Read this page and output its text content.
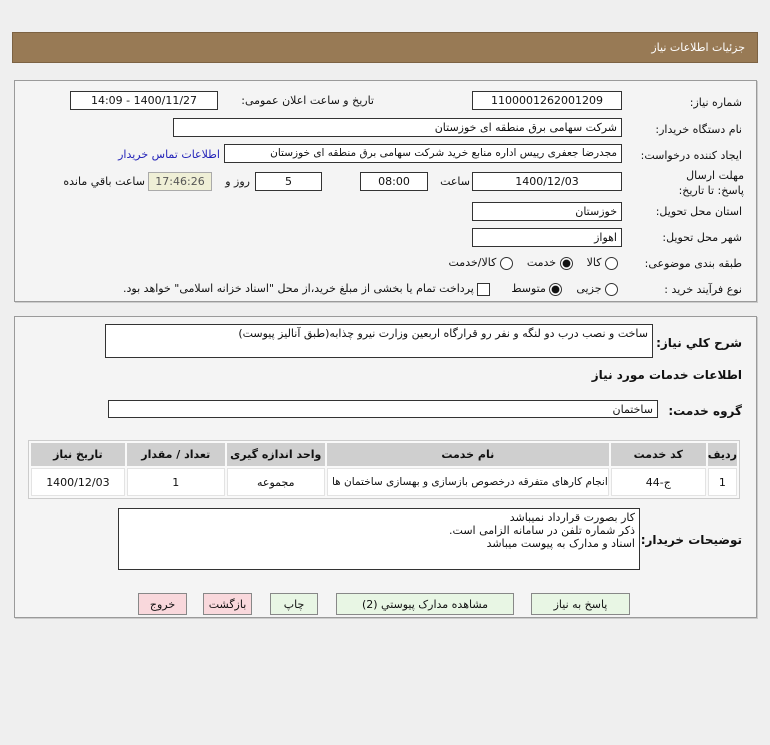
جزئیات اطلاعات نیاز
شماره نیاز:
1100001262001209
تاریخ و ساعت اعلان عمومی:
1400/11/27 - 14:09
نام دستگاه خریدار:
شرکت سهامی برق منطقه ای خوزستان
ایجاد کننده درخواست:
مجدرضا جعفری رییس اداره منابع خرید شرکت سهامی برق منطقه ای خوزستان
اطلاعات تماس خریدار
مهلت ارسال پاسخ: تا تاریخ:
1400/12/03
ساعت
08:00
5
روز و
17:46:26
ساعت باقي مانده
استان محل تحویل:
خوزستان
شهر محل تحویل:
اهواز
طبقه بندی موضوعی:
کالا     خدمت     کالا/خدمت
نوع فرآیند خرید :
جزیی     متوسط       پرداخت تمام یا بخشی از مبلغ خرید،از محل "اسناد خزانه اسلامی" خواهد بود.
شرح کلي نیاز:
ساخت و نصب درب دو لنگه و نفر رو قرارگاه اربعین وزارت نیرو چذابه(طبق آنالیز پیوست)
اطلاعات خدمات مورد نیاز
گروه خدمت:
ساختمان
ردیف	کد خدمت	نام خدمت	واحد اندازه گیری	تعداد / مقدار	تاریخ نیاز
1	ج-44	انجام کارهای متفرقه درخصوص بازسازی و بهسازی ساختمان ها	مجموعه	1	1400/12/03
توضیحات خریدار:
کار بصورت قرارداد نمیباشد
ذکر شماره تلفن در سامانه الزامی است.
اسناد و مدارک به پیوست میباشد
پاسخ به نیاز
مشاهده مدارک پیوستي (2)
چاپ
بازگشت
خروج
